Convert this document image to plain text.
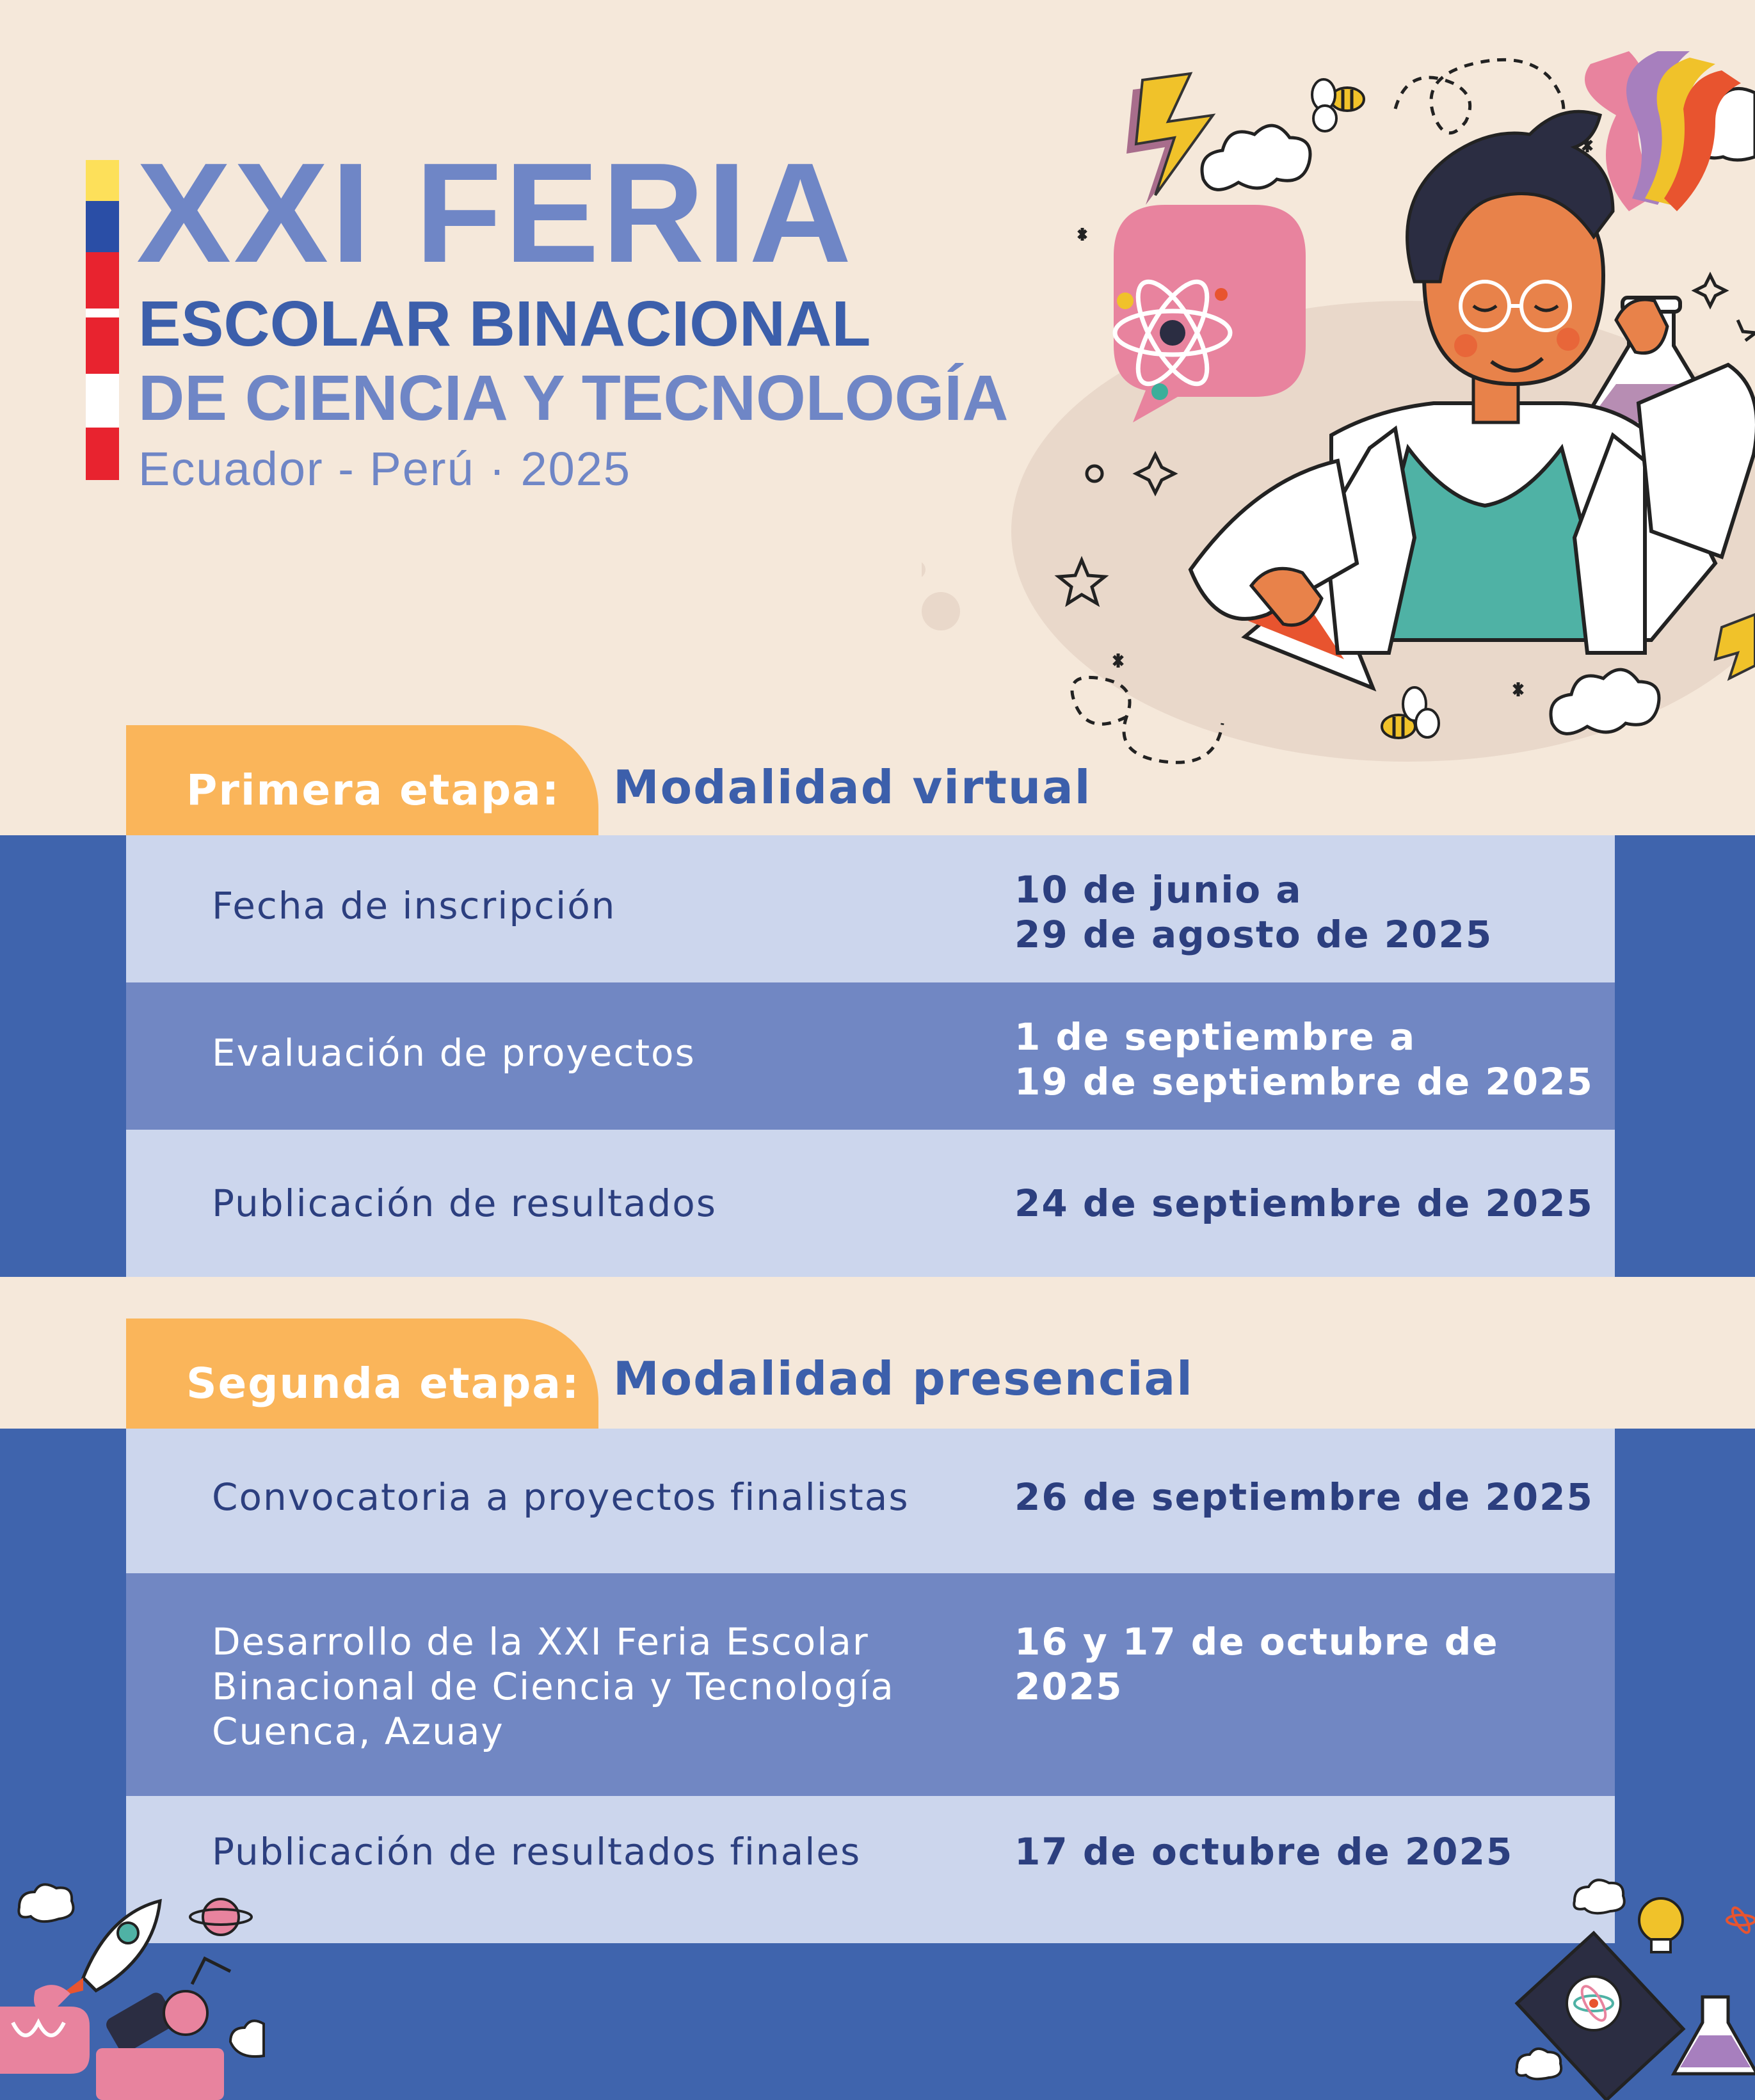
XXI FERIA
ESCOLAR BINACIONAL
DE CIENCIA Y TECNOLOGÍA
Ecuador - Perú · 2025
Primera etapa: Modalidad virtual
Fecha de inscripción	10 de junio a
29 de agosto de 2025
Evaluación de proyectos	1 de septiembre a
19 de septiembre de 2025
Publicación de resultados	24 de septiembre de 2025
Segunda etapa: Modalidad presencial
Convocatoria a proyectos finalistas	26 de septiembre de 2025
Desarrollo de la XXI Feria Escolar
Binacional de Ciencia y Tecnología
Cuenca, Azuay
16 y 17 de octubre de 2025
Publicación de resultados finales	17 de octubre de 2025
